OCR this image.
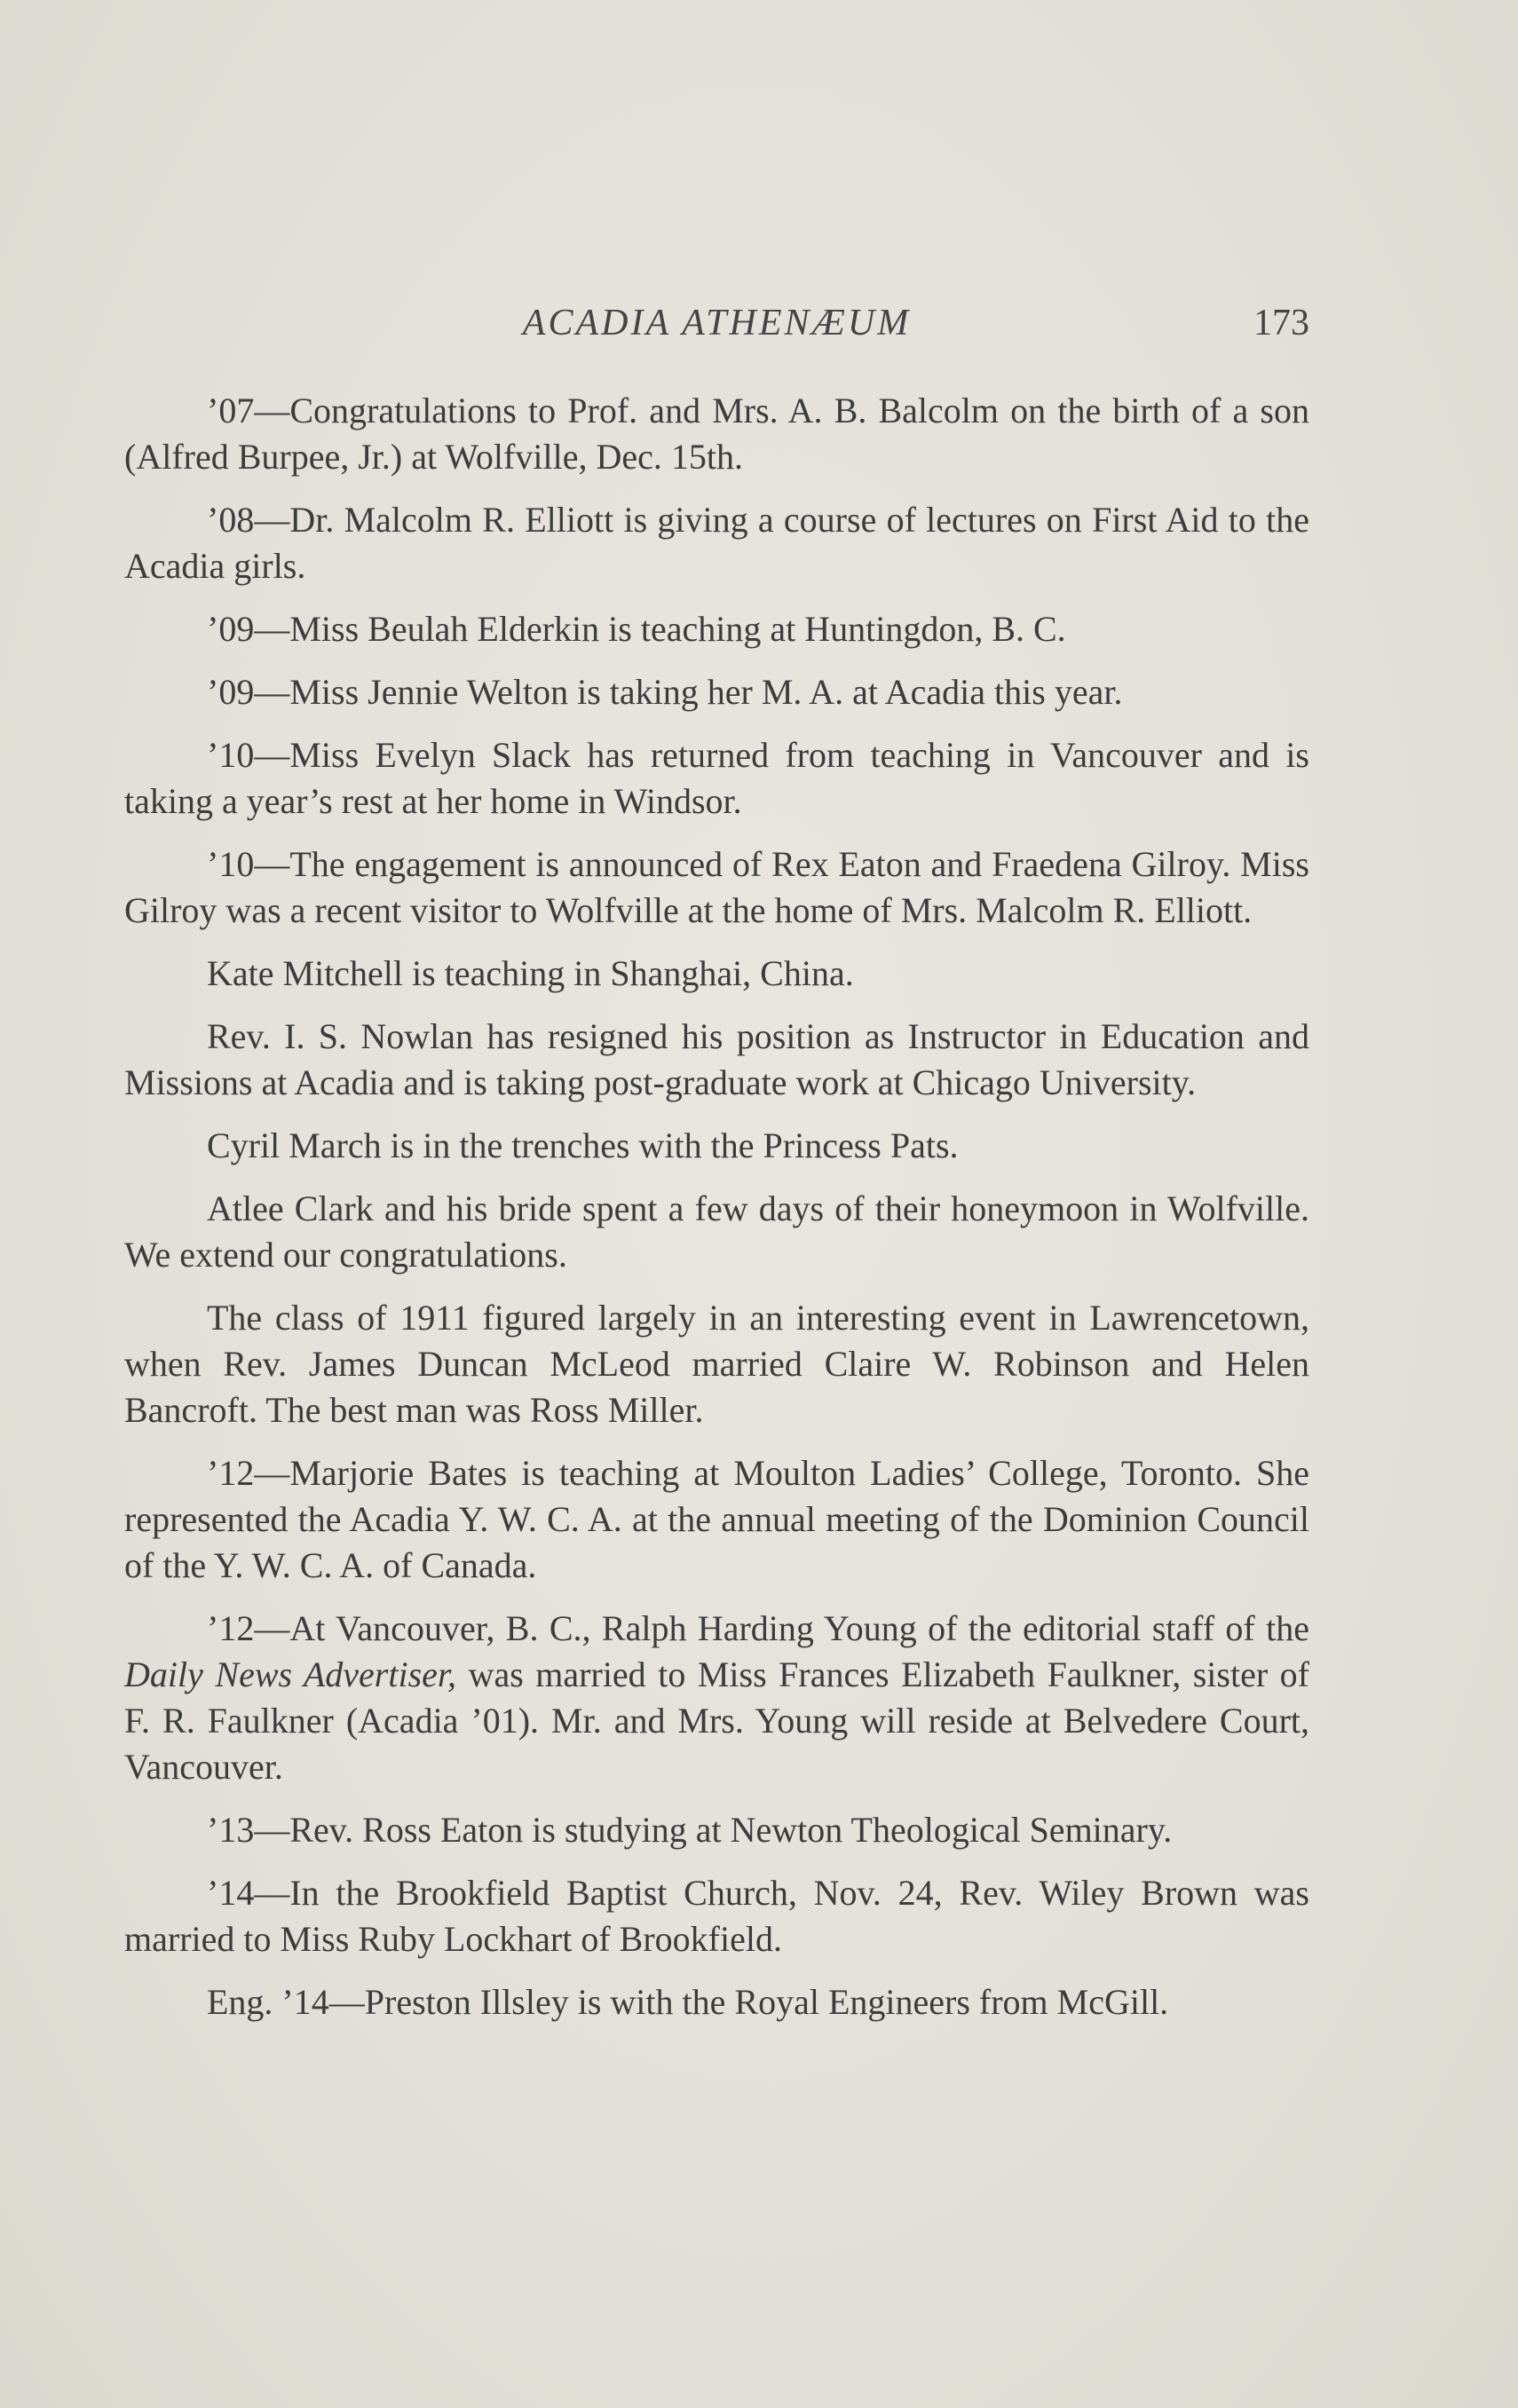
ACADIA ATHENÆUM	173

’07—Congratulations to Prof. and Mrs. A. B. Balcolm on the birth of a son (Alfred Burpee, Jr.) at Wolfville, Dec. 15th.

’08—Dr. Malcolm R. Elliott is giving a course of lectures on First Aid to the Acadia girls.

’09—Miss Beulah Elderkin is teaching at Huntingdon, B. C.

’09—Miss Jennie Welton is taking her M. A. at Acadia this year.

’10—Miss Evelyn Slack has returned from teaching in Vancouver and is taking a year’s rest at her home in Windsor.

’10—The engagement is announced of Rex Eaton and Fraedena Gilroy. Miss Gilroy was a recent visitor to Wolfville at the home of Mrs. Malcolm R. Elliott.

Kate Mitchell is teaching in Shanghai, China.

Rev. I. S. Nowlan has resigned his position as Instructor in Education and Missions at Acadia and is taking post-graduate work at Chicago University.

Cyril March is in the trenches with the Princess Pats.

Atlee Clark and his bride spent a few days of their honeymoon in Wolfville. We extend our congratulations.

The class of 1911 figured largely in an interesting event in Lawrencetown, when Rev. James Duncan McLeod married Claire W. Robinson and Helen Bancroft. The best man was Ross Miller.

’12—Marjorie Bates is teaching at Moulton Ladies’ College, Toronto. She represented the Acadia Y. W. C. A. at the annual meeting of the Dominion Council of the Y. W. C. A. of Canada.

’12—At Vancouver, B. C., Ralph Harding Young of the editorial staff of the Daily News Advertiser, was married to Miss Frances Elizabeth Faulkner, sister of F. R. Faulkner (Acadia ’01). Mr. and Mrs. Young will reside at Belvedere Court, Vancouver.

’13—Rev. Ross Eaton is studying at Newton Theological Seminary.

’14—In the Brookfield Baptist Church, Nov. 24, Rev. Wiley Brown was married to Miss Ruby Lockhart of Brookfield.

Eng. ’14—Preston Illsley is with the Royal Engineers from McGill.
